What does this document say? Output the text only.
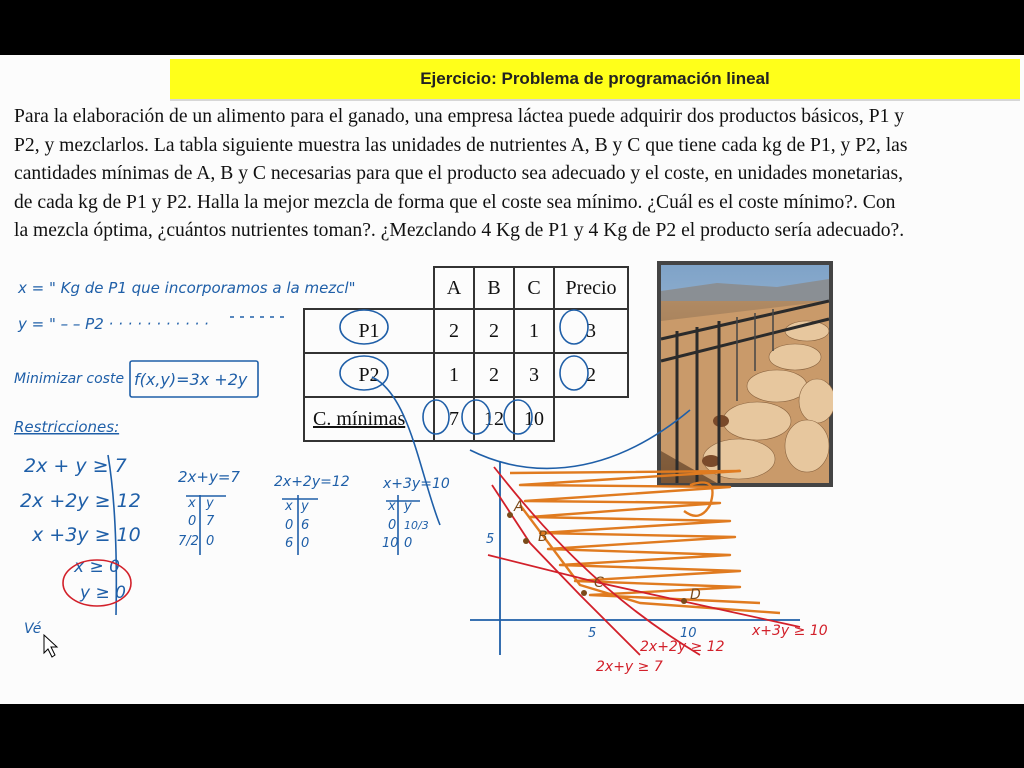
Ejercicio: Problema de programación lineal

Para la elaboración de un alimento para el ganado, una empresa láctea puede adquirir dos productos básicos, P1 y

P2, y mezclarlos. La tabla siguiente muestra las unidades de nutrientes A, B y C que tiene cada kg de P1, y P2, las

cantidades mínimas de A, B y C necesarias para que el producto sea adecuado y el coste, en unidades monetarias,

de cada kg de P1 y P2. Halla la mejor mezcla de forma que el coste sea mínimo. ¿Cuál es el coste mínimo?. Con

la mezcla óptima, ¿cuántos nutrientes toman?. ¿Mezclando 4 Kg de P1 y 4 Kg de P2 el producto sería adecuado?.

	A	B	C	Precio
P1	2	2	1	3
P2	1	2	3	2
C. mínimas	7	12	10	
x = " Kg de P1 que incorporamos a la mezcl"
y = " – – P2 · · · · · · · · · · ·
Minimizar coste f(x,y)=3x +2y
Restricciones:
2x + y ≥ 7
2x +2y ≥ 12
x +3y ≥ 10
x ≥ 0
y ≥ 0
2x+y=7
x y
0 7
7/2 0
2x+2y=12
x y
0 6
6 0
x+3y=10
x y
0 10/3
10 0
Vé
5
5	10	x+3y ≥ 10
2x+2y ≥ 12
2x+y ≥ 7
A
B
C
D
